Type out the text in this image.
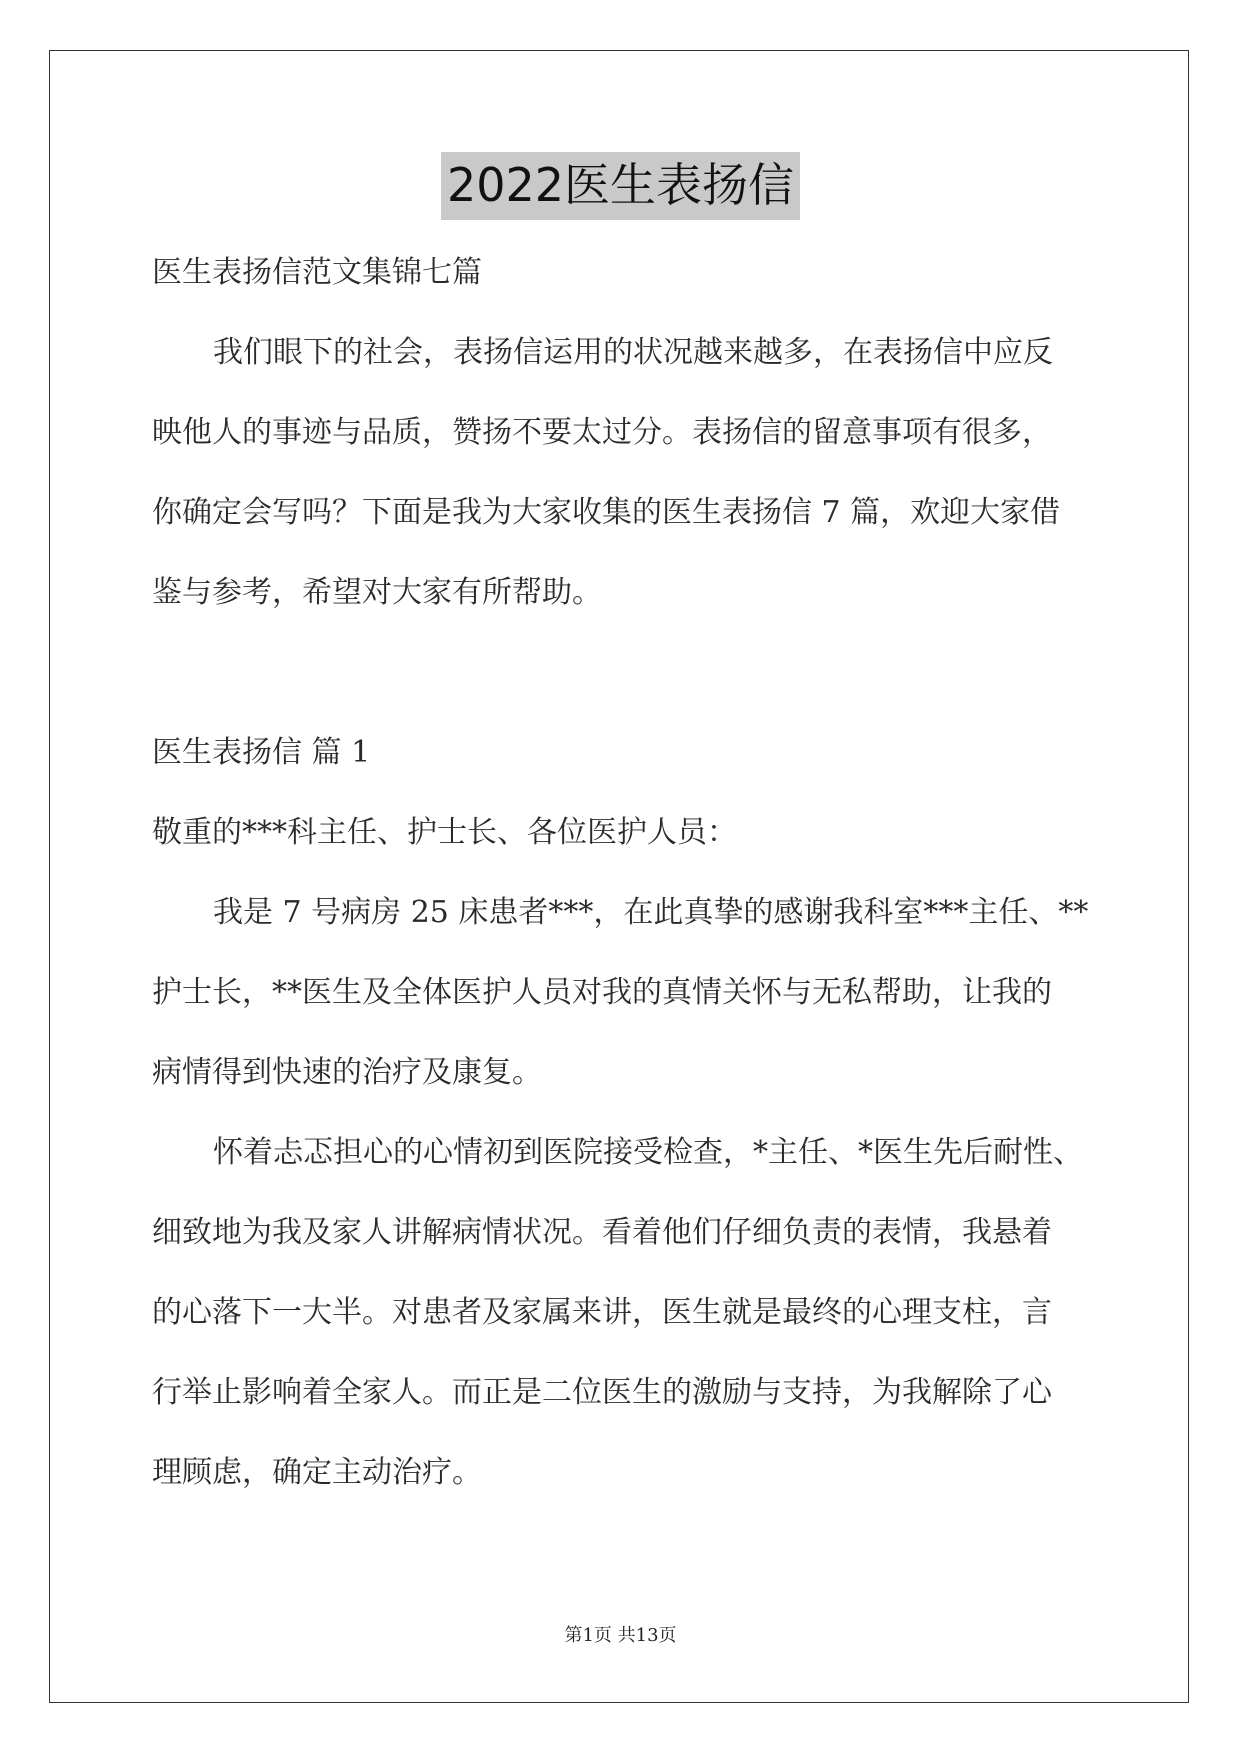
2022医生表扬信
医生表扬信范文集锦七篇
我们眼下的社会，表扬信运用的状况越来越多，在表扬信中应反
映他人的事迹与品质，赞扬不要太过分。表扬信的留意事项有很多，
你确定会写吗？下面是我为大家收集的医生表扬信 7 篇，欢迎大家借
鉴与参考，希望对大家有所帮助。
医生表扬信 篇 1
敬重的***科主任、护士长、各位医护人员：
我是 7 号病房 25 床患者***，在此真挚的感谢我科室***主任、**
护士长，**医生及全体医护人员对我的真情关怀与无私帮助，让我的
病情得到快速的治疗及康复。
怀着忐忑担心的心情初到医院接受检查，*主任、*医生先后耐性、
细致地为我及家人讲解病情状况。看着他们仔细负责的表情，我悬着
的心落下一大半。对患者及家属来讲，医生就是最终的心理支柱，言
行举止影响着全家人。而正是二位医生的激励与支持，为我解除了心
理顾虑，确定主动治疗。
第1页 共13页
